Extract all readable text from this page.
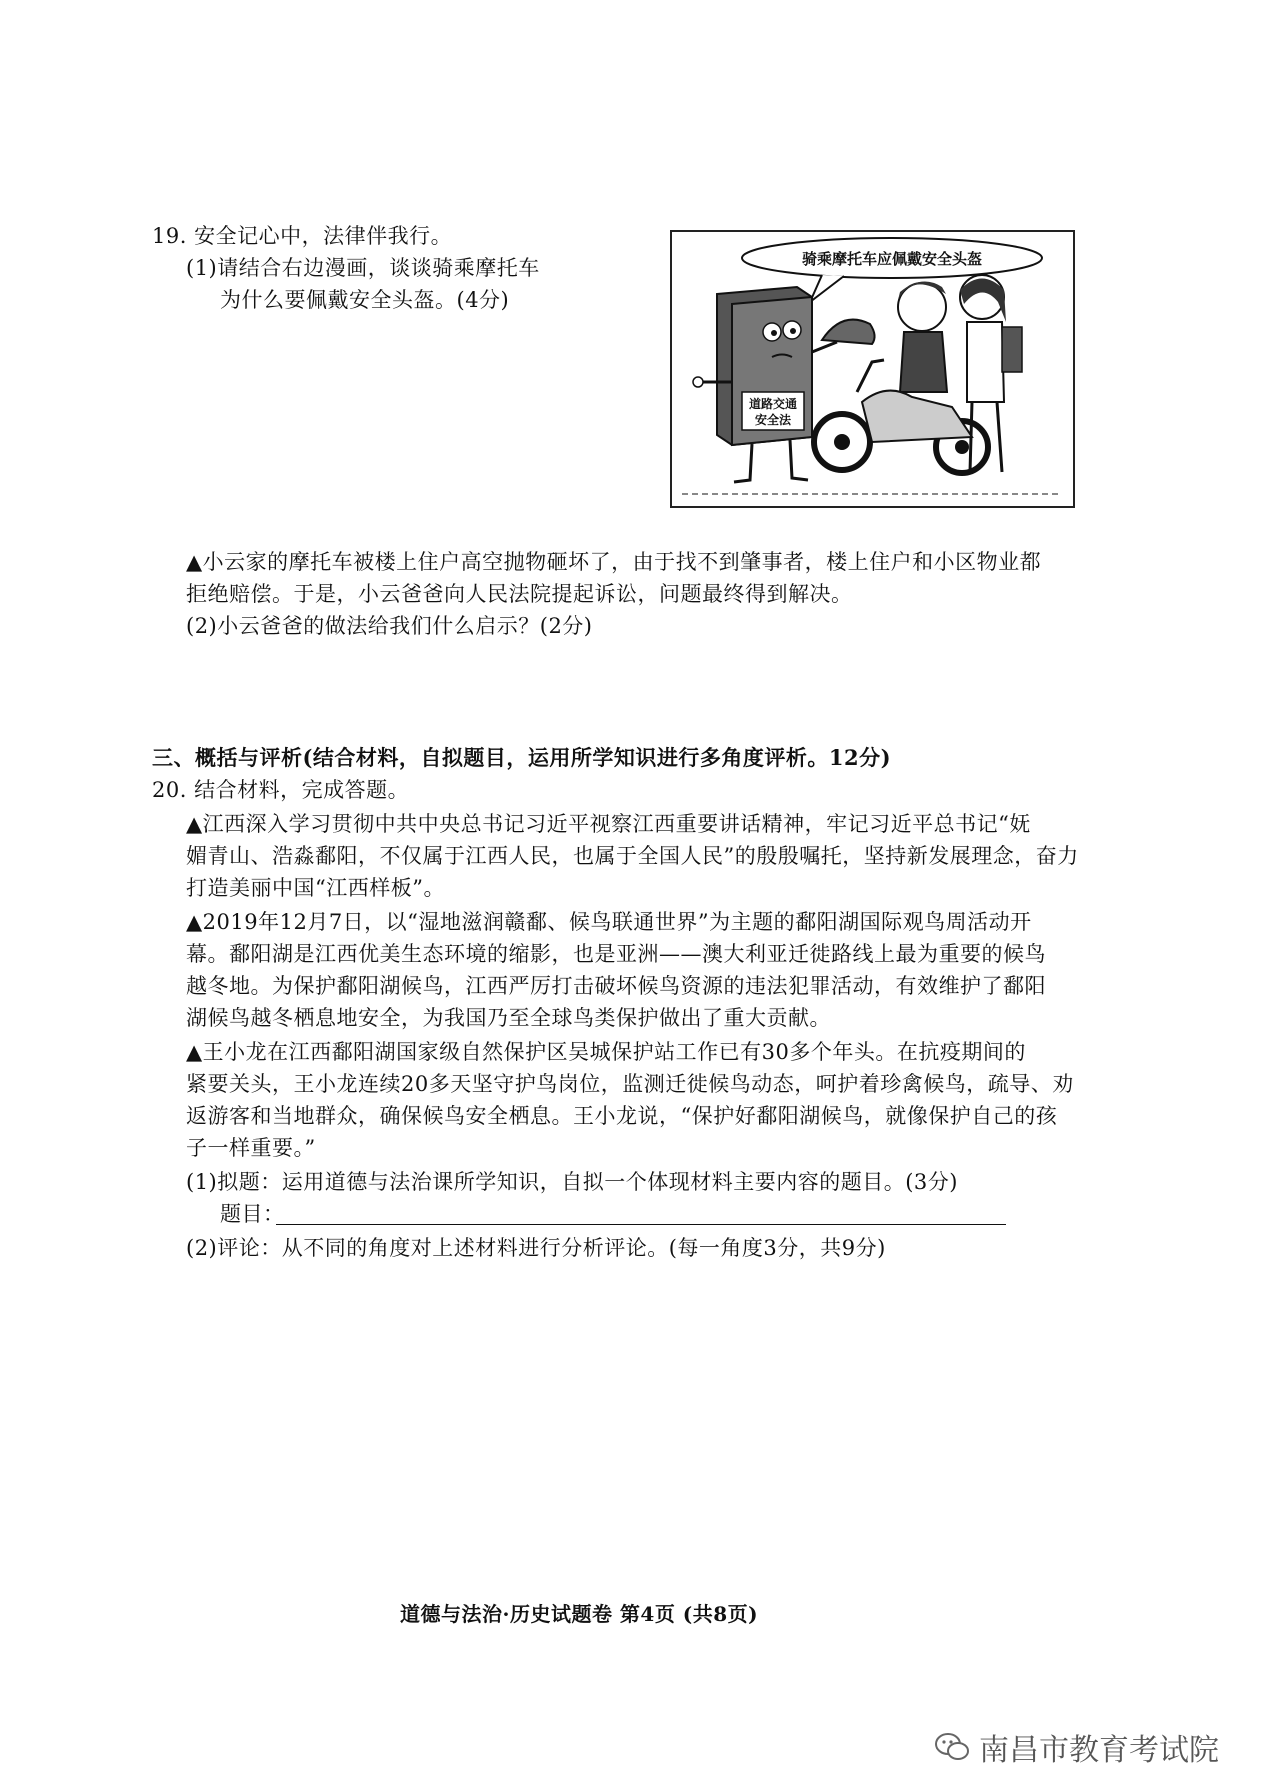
19. 安全记心中，法律伴我行。
(1)请结合右边漫画，谈谈骑乘摩托车
为什么要佩戴安全头盔。(4分)
骑乘摩托车应佩戴安全头盔
道路交通
安全法
▲小云家的摩托车被楼上住户高空抛物砸坏了，由于找不到肇事者，楼上住户和小区物业都
拒绝赔偿。于是，小云爸爸向人民法院提起诉讼，问题最终得到解决。
(2)小云爸爸的做法给我们什么启示？(2分)
三、概括与评析(结合材料，自拟题目，运用所学知识进行多角度评析。12分)
20. 结合材料，完成答题。
▲江西深入学习贯彻中共中央总书记习近平视察江西重要讲话精神，牢记习近平总书记“妩
媚青山、浩淼鄱阳，不仅属于江西人民，也属于全国人民”的殷殷嘱托，坚持新发展理念，奋力
打造美丽中国“江西样板”。
▲2019年12月7日，以“湿地滋润赣鄱、候鸟联通世界”为主题的鄱阳湖国际观鸟周活动开
幕。鄱阳湖是江西优美生态环境的缩影，也是亚洲——澳大利亚迁徙路线上最为重要的候鸟
越冬地。为保护鄱阳湖候鸟，江西严厉打击破坏候鸟资源的违法犯罪活动，有效维护了鄱阳
湖候鸟越冬栖息地安全，为我国乃至全球鸟类保护做出了重大贡献。
▲王小龙在江西鄱阳湖国家级自然保护区吴城保护站工作已有30多个年头。在抗疫期间的
紧要关头，王小龙连续20多天坚守护鸟岗位，监测迁徙候鸟动态，呵护着珍禽候鸟，疏导、劝
返游客和当地群众，确保候鸟安全栖息。王小龙说，“保护好鄱阳湖候鸟，就像保护自己的孩
子一样重要。”
(1)拟题：运用道德与法治课所学知识，自拟一个体现材料主要内容的题目。(3分)
题目：
(2)评论：从不同的角度对上述材料进行分析评论。(每一角度3分，共9分)
道德与法治·历史试题卷 第4页 (共8页)
南昌市教育考试院
